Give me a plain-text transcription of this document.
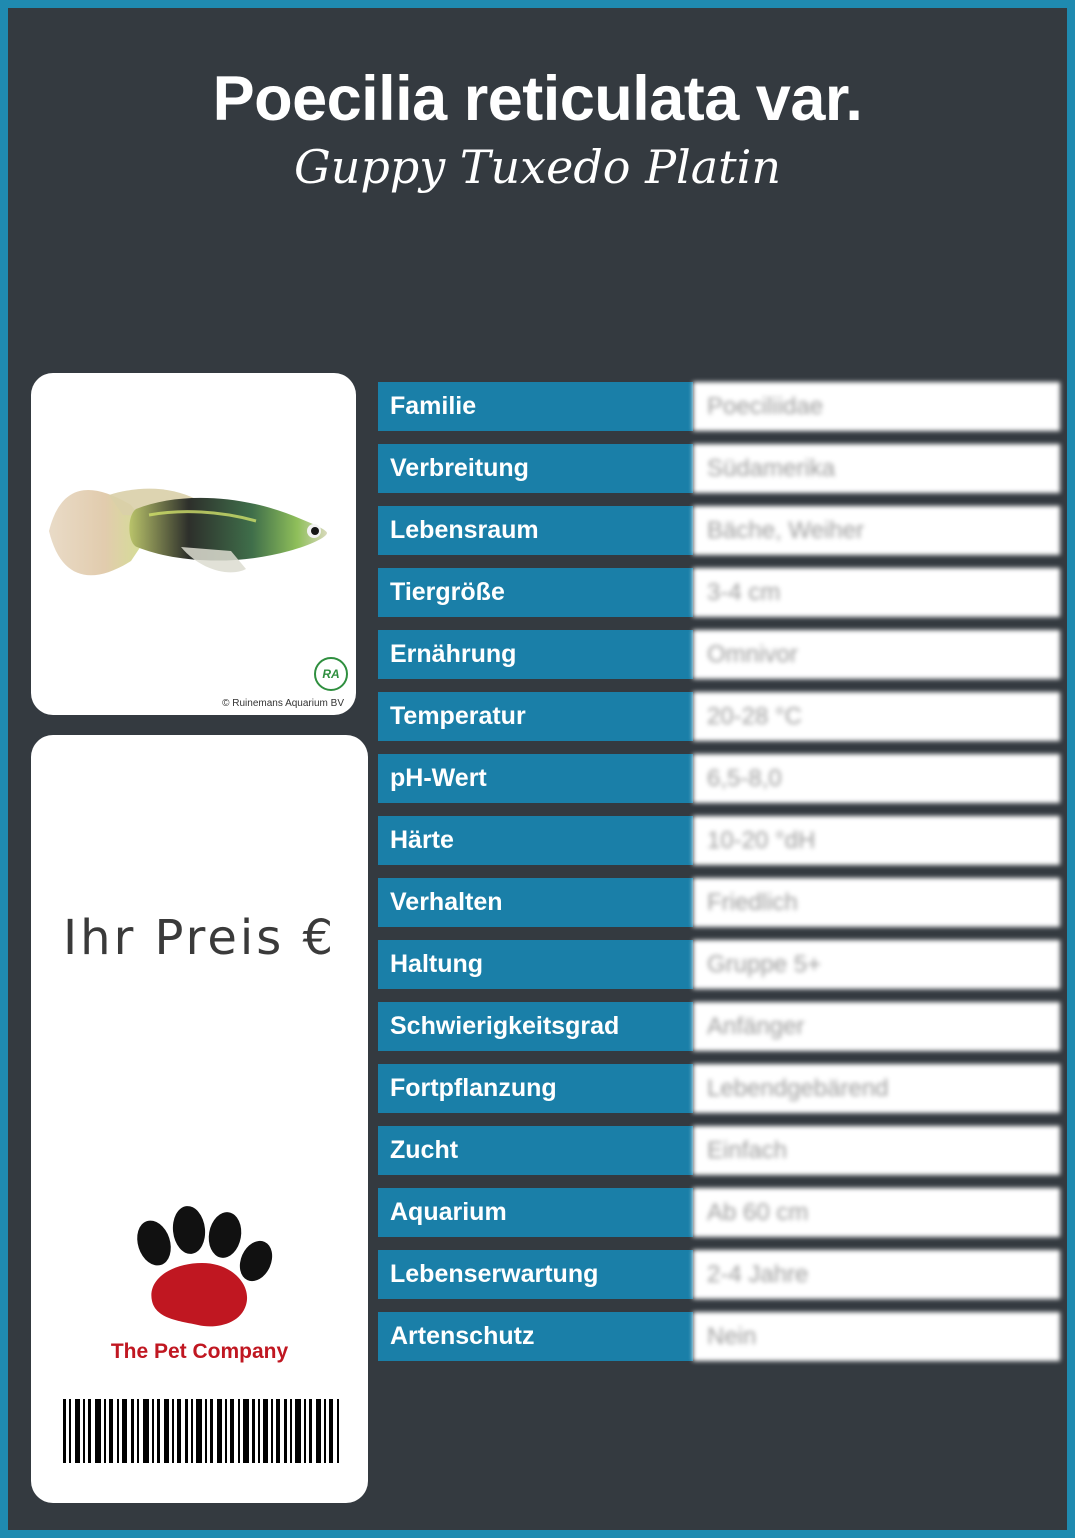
Poecilia reticulata var.
Guppy Tuxedo Platin
RA
© Ruinemans Aquarium BV
Ihr Preis €
The Pet Company
Familie	Poeciliidae
Verbreitung	Südamerika
Lebensraum	Bäche, Weiher
Tiergröße	3-4 cm
Ernährung	Omnivor
Temperatur	20-28 °C
pH-Wert	6,5-8,0
Härte	10-20 °dH
Verhalten	Friedlich
Haltung	Gruppe 5+
Schwierigkeitsgrad	Anfänger
Fortpflanzung	Lebendgebärend
Zucht	Einfach
Aquarium	Ab 60 cm
Lebenserwartung	2-4 Jahre
Artenschutz	Nein
